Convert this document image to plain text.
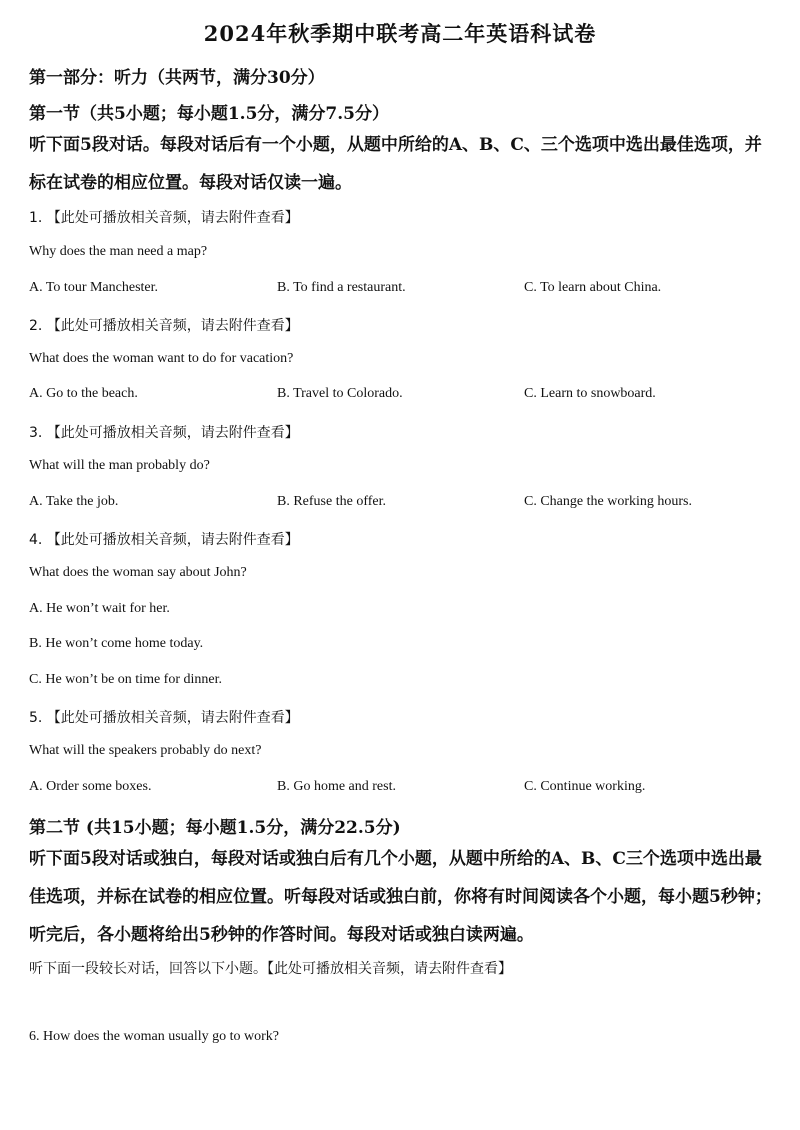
2024年秋季期中联考高二年英语科试卷
第一部分：听力（共两节，满分30分）
第一节（共5小题；每小题1.5分，满分7.5分）
听下面5段对话。每段对话后有一个小题，从题中所给的A、B、C、三个选项中选出最佳选项，并标在试卷的相应位置。每段对话仅读一遍。
1. 【此处可播放相关音频，请去附件查看】
Why does the man need a map?
A. To tour Manchester.	B. To find a restaurant.	C. To learn about China.
2. 【此处可播放相关音频，请去附件查看】
What does the woman want to do for vacation?
A. Go to the beach.	B. Travel to Colorado.	C. Learn to snowboard.
3. 【此处可播放相关音频，请去附件查看】
What will the man probably do?
A. Take the job.	B. Refuse the offer.	C. Change the working hours.
4. 【此处可播放相关音频，请去附件查看】
What does the woman say about John?
A. He won’t wait for her.
B. He won’t come home today.
C. He won’t be on time for dinner.
5. 【此处可播放相关音频，请去附件查看】
What will the speakers probably do next?
A. Order some boxes.	B. Go home and rest.	C. Continue working.
第二节 (共15小题；每小题1.5分，满分22.5分)
听下面5段对话或独白，每段对话或独白后有几个小题，从题中所给的A、B、C三个选项中选出最佳选项，并标在试卷的相应位置。听每段对话或独白前，你将有时间阅读各个小题，每小题5秒钟；听完后，各小题将给出5秒钟的作答时间。每段对话或独白读两遍。
听下面一段较长对话，回答以下小题。【此处可播放相关音频，请去附件查看】
6. How does the woman usually go to work?
